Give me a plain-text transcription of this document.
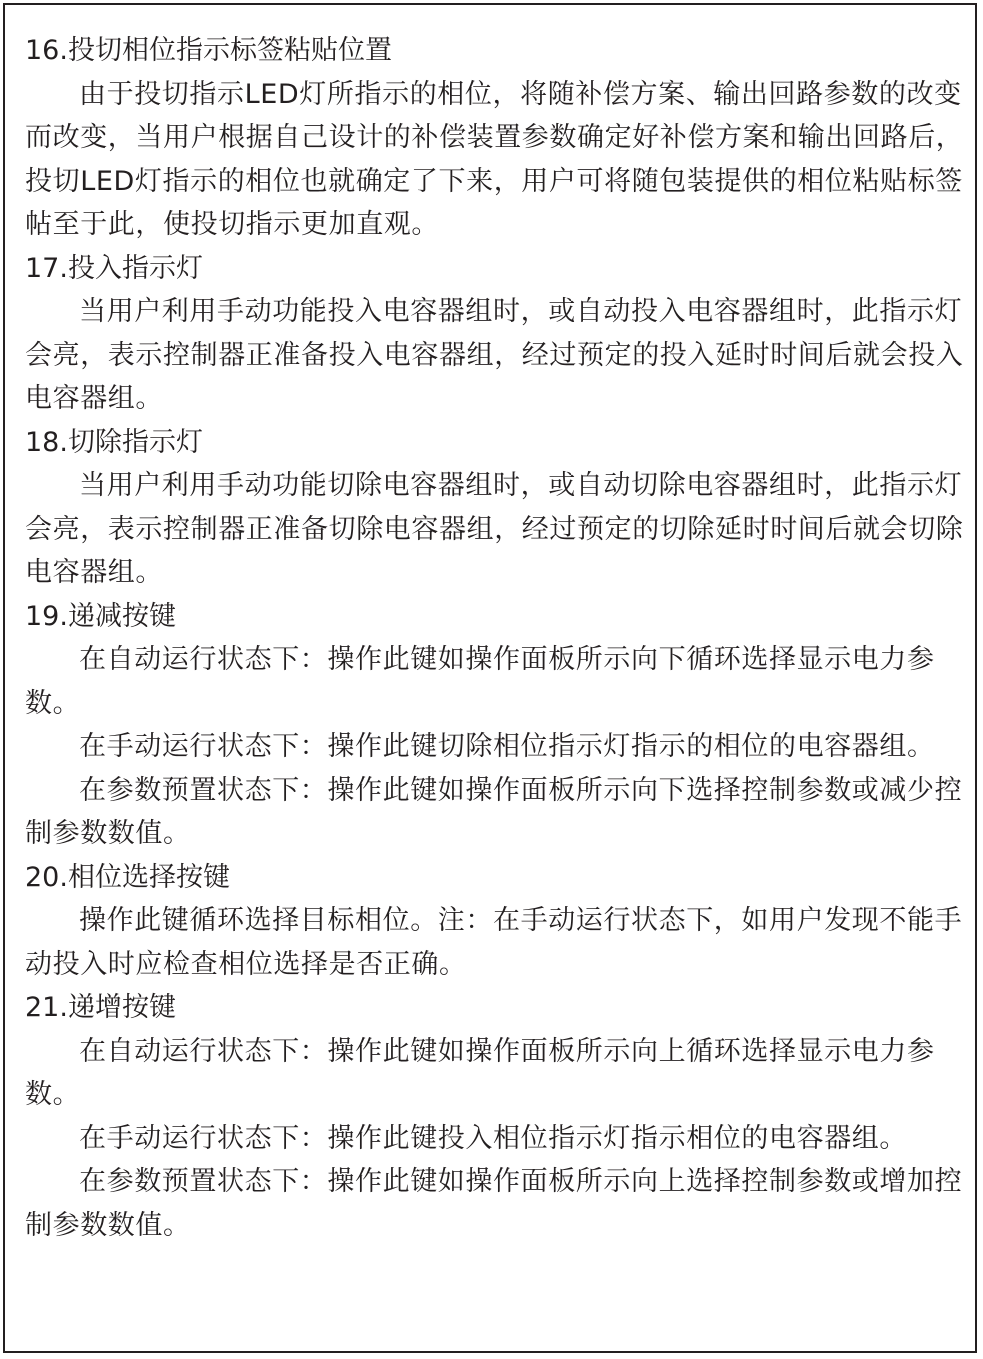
16.投切相位指示标签粘贴位置

由于投切指示LED灯所指示的相位，将随补偿方案、输出回路参数的改变而改变，当用户根据自己设计的补偿装置参数确定好补偿方案和输出回路后，投切LED灯指示的相位也就确定了下来，用户可将随包装提供的相位粘贴标签帖至于此，使投切指示更加直观。

17.投入指示灯

当用户利用手动功能投入电容器组时，或自动投入电容器组时，此指示灯会亮，表示控制器正准备投入电容器组，经过预定的投入延时时间后就会投入电容器组。

18.切除指示灯

当用户利用手动功能切除电容器组时，或自动切除电容器组时，此指示灯会亮，表示控制器正准备切除电容器组，经过预定的切除延时时间后就会切除电容器组。

19.递减按键

在自动运行状态下：操作此键如操作面板所示向下循环选择显示电力参数。

在手动运行状态下：操作此键切除相位指示灯指示的相位的电容器组。

在参数预置状态下：操作此键如操作面板所示向下选择控制参数或减少控制参数数值。

20.相位选择按键

操作此键循环选择目标相位。注：在手动运行状态下，如用户发现不能手动投入时应检查相位选择是否正确。

21.递增按键

在自动运行状态下：操作此键如操作面板所示向上循环选择显示电力参数。

在手动运行状态下：操作此键投入相位指示灯指示相位的电容器组。

在参数预置状态下：操作此键如操作面板所示向上选择控制参数或增加控制参数数值。
